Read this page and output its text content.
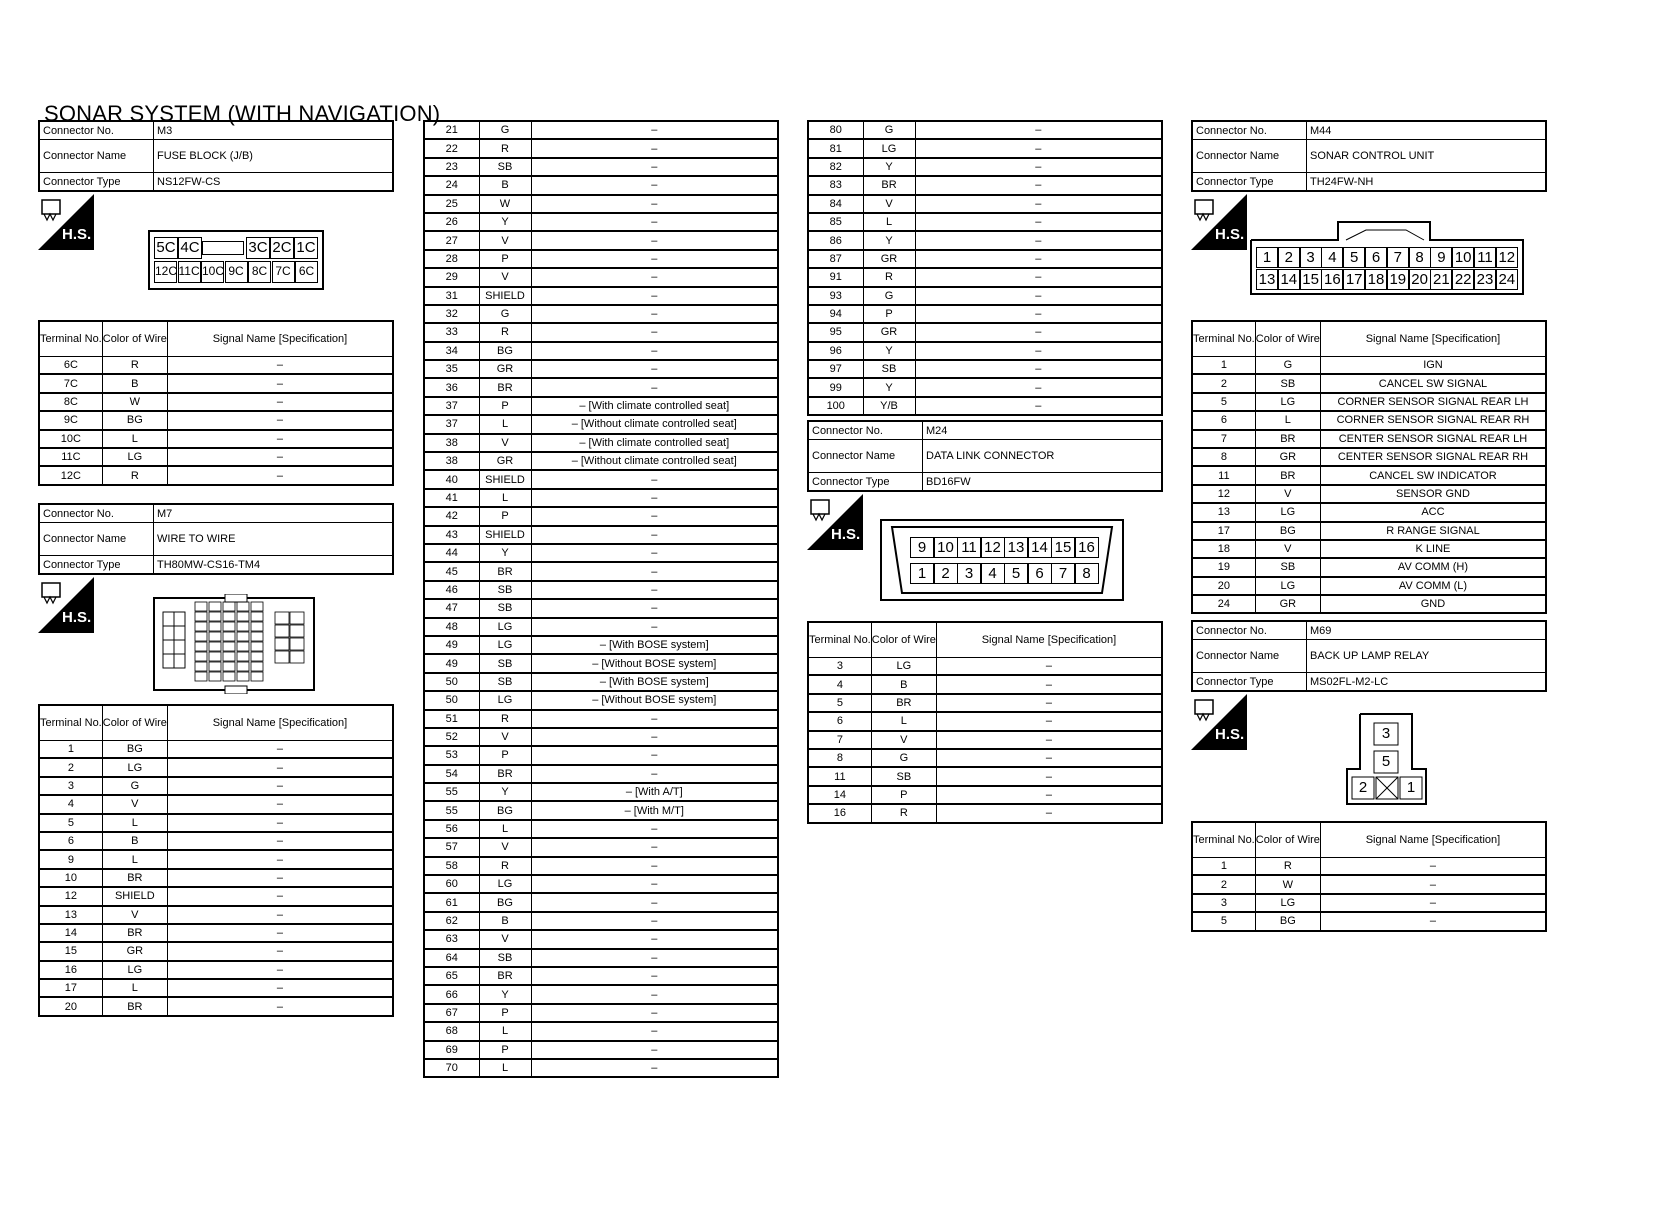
SONAR SYSTEM (WITH NAVIGATION)
Connector No.	M3
Connector Name	FUSE BLOCK (J/B)
Connector Type	NS12FW-CS
H.S.
5C 4C	3C 2C 1C
12C 11C 10C 9C 8C 7C 6C
Terminal No.	Color of Wire	Signal Name [Specification]
6C	R	–
7C	B	–
8C	W	–
9C	BG	–
10C	L	–
11C	LG	–
12C	R	–
Connector No.	M7
Connector Name	WIRE TO WIRE
Connector Type	TH80MW-CS16-TM4
H.S.
Terminal No.	Color of Wire	Signal Name [Specification]
1	BG	–
2	LG	–
3	G	–
4	V	–
5	L	–
6	B	–
9	L	–
10	BR	–
12	SHIELD	–
13	V	–
14	BR	–
15	GR	–
16	LG	–
17	L	–
20	BR	–
21	G	–
22	R	–
23	SB	–
24	B	–
25	W	–
26	Y	–
27	V	–
28	P	–
29	V	–
31	SHIELD	–
32	G	–
33	R	–
34	BG	–
35	GR	–
36	BR	–
37	P	– [With climate controlled seat]
37	L	– [Without climate controlled seat]
38	V	– [With climate controlled seat]
38	GR	– [Without climate controlled seat]
40	SHIELD	–
41	L	–
42	P	–
43	SHIELD	–
44	Y	–
45	BR	–
46	SB	–
47	SB	–
48	LG	–
49	LG	– [With BOSE system]
49	SB	– [Without BOSE system]
50	SB	– [With BOSE system]
50	LG	– [Without BOSE system]
51	R	–
52	V	–
53	P	–
54	BR	–
55	Y	– [With A/T]
55	BG	– [With M/T]
56	L	–
57	V	–
58	R	–
60	LG	–
61	BG	–
62	B	–
63	V	–
64	SB	–
65	BR	–
66	Y	–
67	P	–
68	L	–
69	P	–
70	L	–
80	G	–
81	LG	–
82	Y	–
83	BR	–
84	V	–
85	L	–
86	Y	–
87	GR	–
91	R	–
93	G	–
94	P	–
95	GR	–
96	Y	–
97	SB	–
99	Y	–
100	Y/B	–
Connector No.	M24
Connector Name	DATA LINK CONNECTOR
Connector Type	BD16FW
H.S.
9 10 11 12 13 14 15 16
1	2	3	4	5	6	7	8
Terminal No.	Color of Wire	Signal Name [Specification]
3	LG	–
4	B	–
5	BR	–
6	L	–
7	V	–
8	G	–
11	SB	–
14	P	–
16	R	–
Connector No.	M44
Connector Name	SONAR CONTROL UNIT
Connector Type	TH24FW-NH
H.S.
1 2 3 4 5 6 7 8 9 10 11 12
13 14 15 16 17 18 19 20 21 22 23 24
Terminal No.	Color of Wire	Signal Name [Specification]
1	G	IGN
2	SB	CANCEL SW SIGNAL
5	LG	CORNER SENSOR SIGNAL REAR LH
6	L	CORNER SENSOR SIGNAL REAR RH
7	BR	CENTER SENSOR SIGNAL REAR LH
8	GR	CENTER SENSOR SIGNAL REAR RH
11	BR	CANCEL SW INDICATOR
12	V	SENSOR GND
13	LG	ACC
17	BG	R RANGE SIGNAL
18	V	K LINE
19	SB	AV COMM (H)
20	LG	AV COMM (L)
24	GR	GND
Connector No.	M69
Connector Name	BACK UP LAMP RELAY
Connector Type	MS02FL-M2-LC
H.S.	3
5
2	1
Terminal No.	Color of Wire	Signal Name [Specification]
1	R	–
2	W	–
3	LG	–
5	BG	–
